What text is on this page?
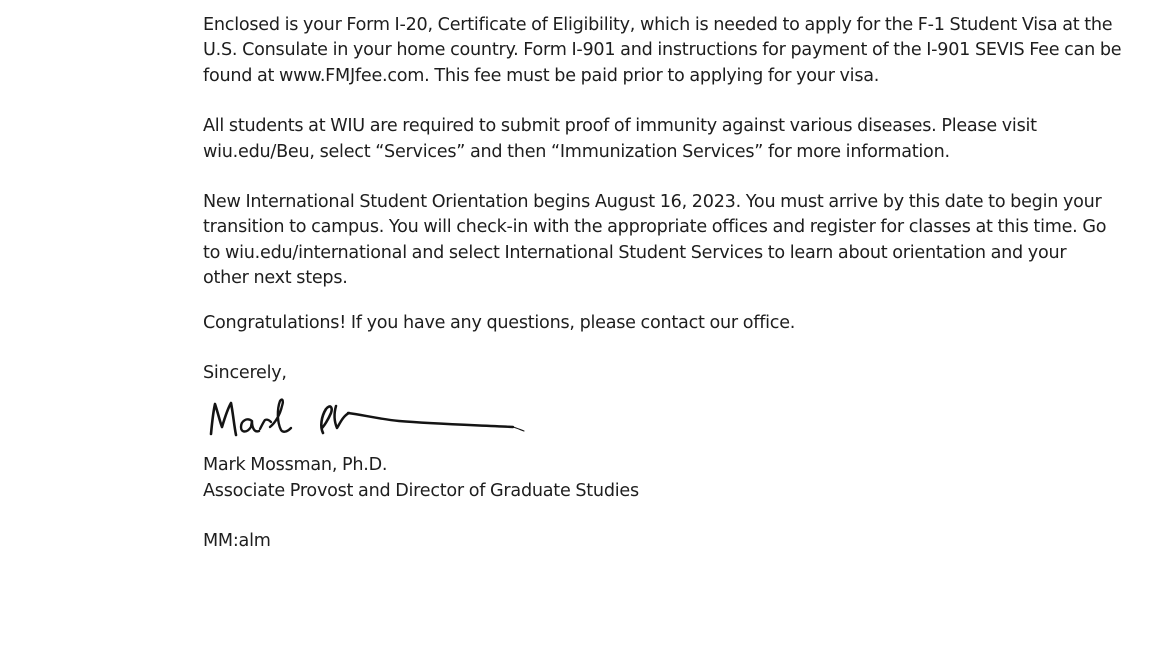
Enclosed is your Form I-20, Certificate of Eligibility, which is needed to apply for the F-1 Student Visa at the
U.S. Consulate in your home country. Form I-901 and instructions for payment of the I-901 SEVIS Fee can be
found at www.FMJfee.com. This fee must be paid prior to applying for your visa.

All students at WIU are required to submit proof of immunity against various diseases. Please visit
wiu.edu/Beu, select “Services” and then “Immunization Services” for more information.

New International Student Orientation begins August 16, 2023. You must arrive by this date to begin your
transition to campus. You will check-in with the appropriate offices and register for classes at this time. Go
to wiu.edu/international and select International Student Services to learn about orientation and your
other next steps.

Congratulations! If you have any questions, please contact our office.

Sincerely,

Mark Mossman, Ph.D.
Associate Provost and Director of Graduate Studies

MM:alm
